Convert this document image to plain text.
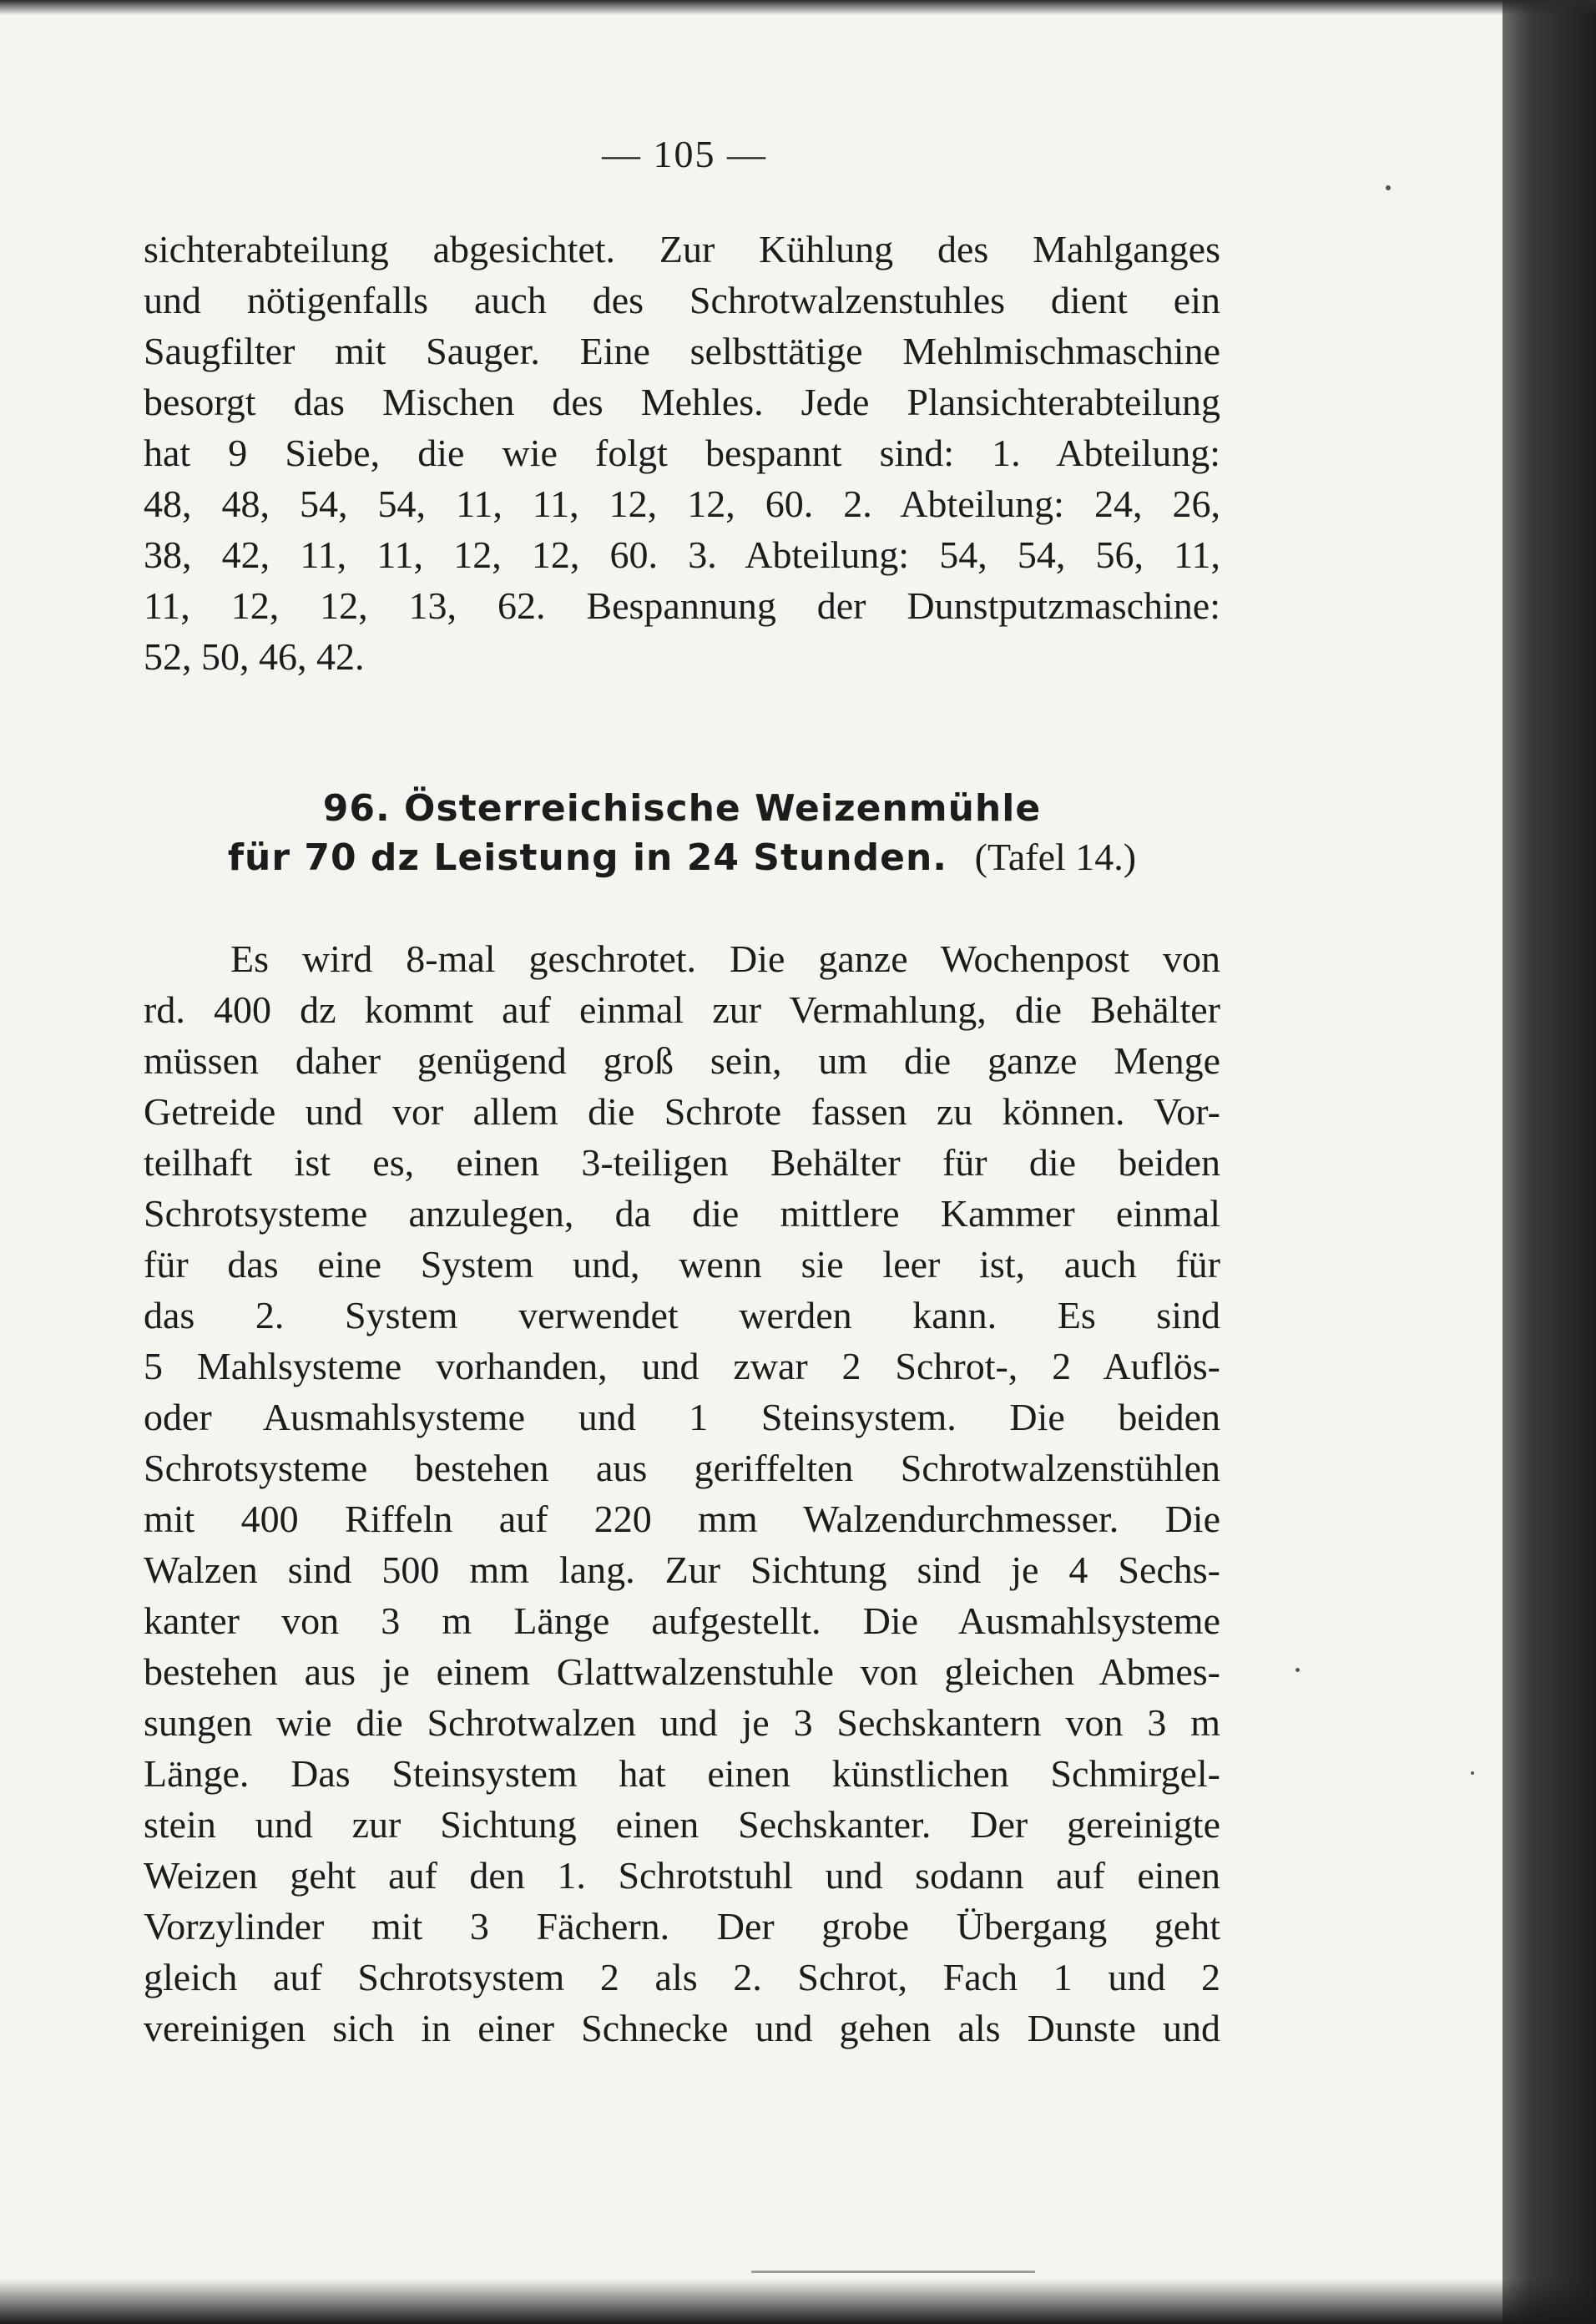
— 105 —
sichterabteilung abgesichtet. Zur Kühlung des Mahlganges
und nötigenfalls auch des Schrotwalzenstuhles dient ein
Saugfilter mit Sauger. Eine selbsttätige Mehlmischmaschine
besorgt das Mischen des Mehles. Jede Plansichterabteilung
hat 9 Siebe, die wie folgt bespannt sind: 1. Abteilung:
48, 48, 54, 54, 11, 11, 12, 12, 60. 2. Abteilung: 24, 26,
38, 42, 11, 11, 12, 12, 60. 3. Abteilung: 54, 54, 56, 11,
11, 12, 12, 13, 62. Bespannung der Dunstputzmaschine:
52, 50, 46, 42.
96. Österreichische Weizenmühle
für 70 dz Leistung in 24 Stunden. (Tafel 14.)
Es wird 8-mal geschrotet. Die ganze Wochenpost von
rd. 400 dz kommt auf einmal zur Vermahlung, die Behälter
müssen daher genügend groß sein, um die ganze Menge
Getreide und vor allem die Schrote fassen zu können. Vor-
teilhaft ist es, einen 3-teiligen Behälter für die beiden
Schrotsysteme anzulegen, da die mittlere Kammer einmal
für das eine System und, wenn sie leer ist, auch für
das 2. System verwendet werden kann. Es sind
5 Mahlsysteme vorhanden, und zwar 2 Schrot-, 2 Auflös-
oder Ausmahlsysteme und 1 Steinsystem. Die beiden
Schrotsysteme bestehen aus geriffelten Schrotwalzenstühlen
mit 400 Riffeln auf 220 mm Walzendurchmesser. Die
Walzen sind 500 mm lang. Zur Sichtung sind je 4 Sechs-
kanter von 3 m Länge aufgestellt. Die Ausmahlsysteme
bestehen aus je einem Glattwalzenstuhle von gleichen Abmes-
sungen wie die Schrotwalzen und je 3 Sechskantern von 3 m
Länge. Das Steinsystem hat einen künstlichen Schmirgel-
stein und zur Sichtung einen Sechskanter. Der gereinigte
Weizen geht auf den 1. Schrotstuhl und sodann auf einen
Vorzylinder mit 3 Fächern. Der grobe Übergang geht
gleich auf Schrotsystem 2 als 2. Schrot, Fach 1 und 2
vereinigen sich in einer Schnecke und gehen als Dunste und
